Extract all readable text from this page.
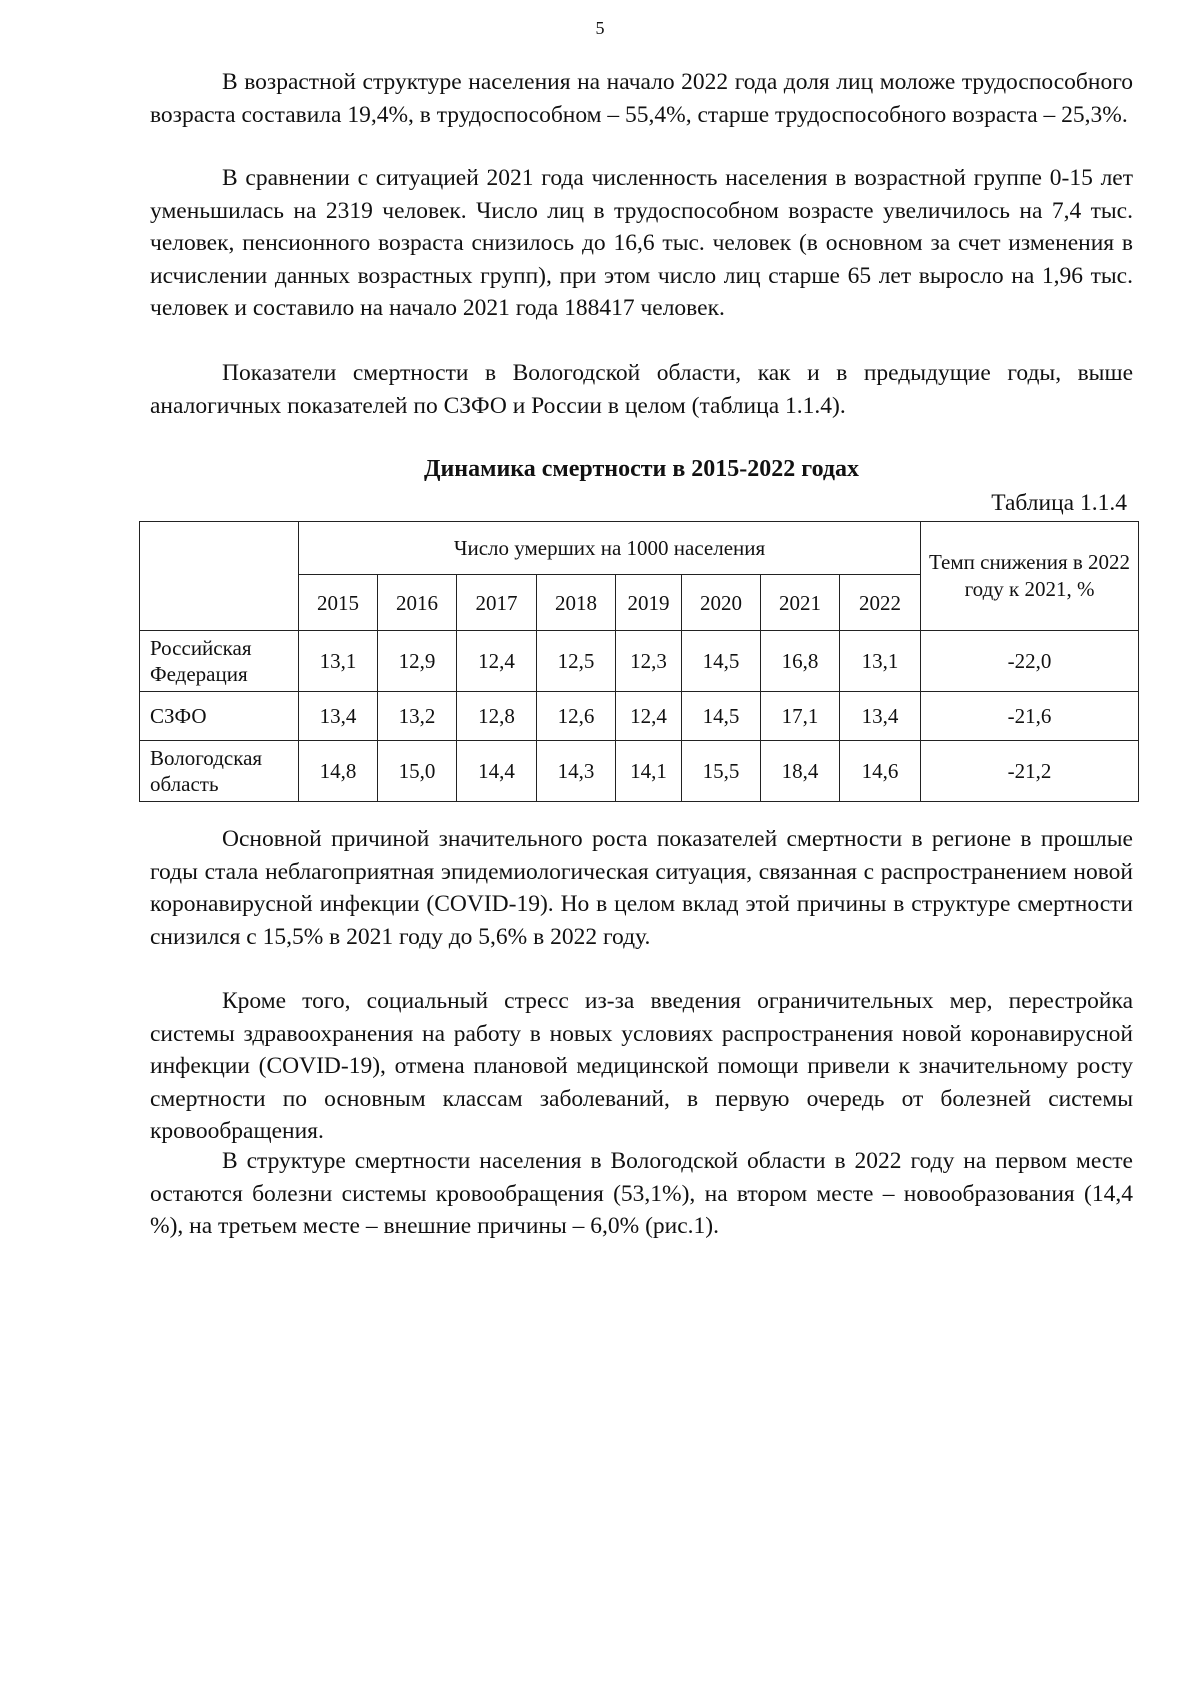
5

В возрастной структуре населения на начало 2022 года доля лиц моложе трудоспособного возраста составила 19,4%, в трудоспособном – 55,4%, старше трудоспособного возраста – 25,3%.

В сравнении с ситуацией 2021 года численность населения в возрастной группе 0-15 лет уменьшилась на 2319 человек. Число лиц в трудоспособном возрасте увеличилось на 7,4 тыс. человек, пенсионного возраста снизилось до 16,6 тыс. человек (в основном за счет изменения в исчислении данных возрастных групп), при этом число лиц старше 65 лет выросло на 1,96 тыс. человек и составило на начало 2021 года 188417 человек.

Показатели смертности в Вологодской области, как и в предыдущие годы, выше аналогичных показателей по СЗФО и России в целом (таблица 1.1.4).

Динамика смертности в 2015-2022 годах
Таблица 1.1.4
	Число умерших на 1000 населения								Темп снижения в 2022 году к 2021, %
	2015	2016	2017	2018	2019	2020	2021	2022	
Российская Федерация	13,1	12,9	12,4	12,5	12,3	14,5	16,8	13,1	-22,0
СЗФО	13,4	13,2	12,8	12,6	12,4	14,5	17,1	13,4	-21,6
Вологодская область	14,8	15,0	14,4	14,3	14,1	15,5	18,4	14,6	-21,2

Основной причиной значительного роста показателей смертности в регионе в прошлые годы стала неблагоприятная эпидемиологическая ситуация, связанная с распространением новой коронавирусной инфекции (COVID-19). Но в целом вклад этой причины в структуре смертности снизился с 15,5% в 2021 году до 5,6% в 2022 году.

Кроме того, социальный стресс из-за введения ограничительных мер, перестройка системы здравоохранения на работу в новых условиях распространения новой коронавирусной инфекции (COVID-19), отмена плановой медицинской помощи привели к значительному росту смертности по основным классам заболеваний, в первую очередь от болезней системы кровообращения.

В структуре смертности населения в Вологодской области в 2022 году на первом месте остаются болезни системы кровообращения (53,1%), на втором месте – новообразования (14,4 %), на третьем месте – внешние причины – 6,0% (рис.1).
